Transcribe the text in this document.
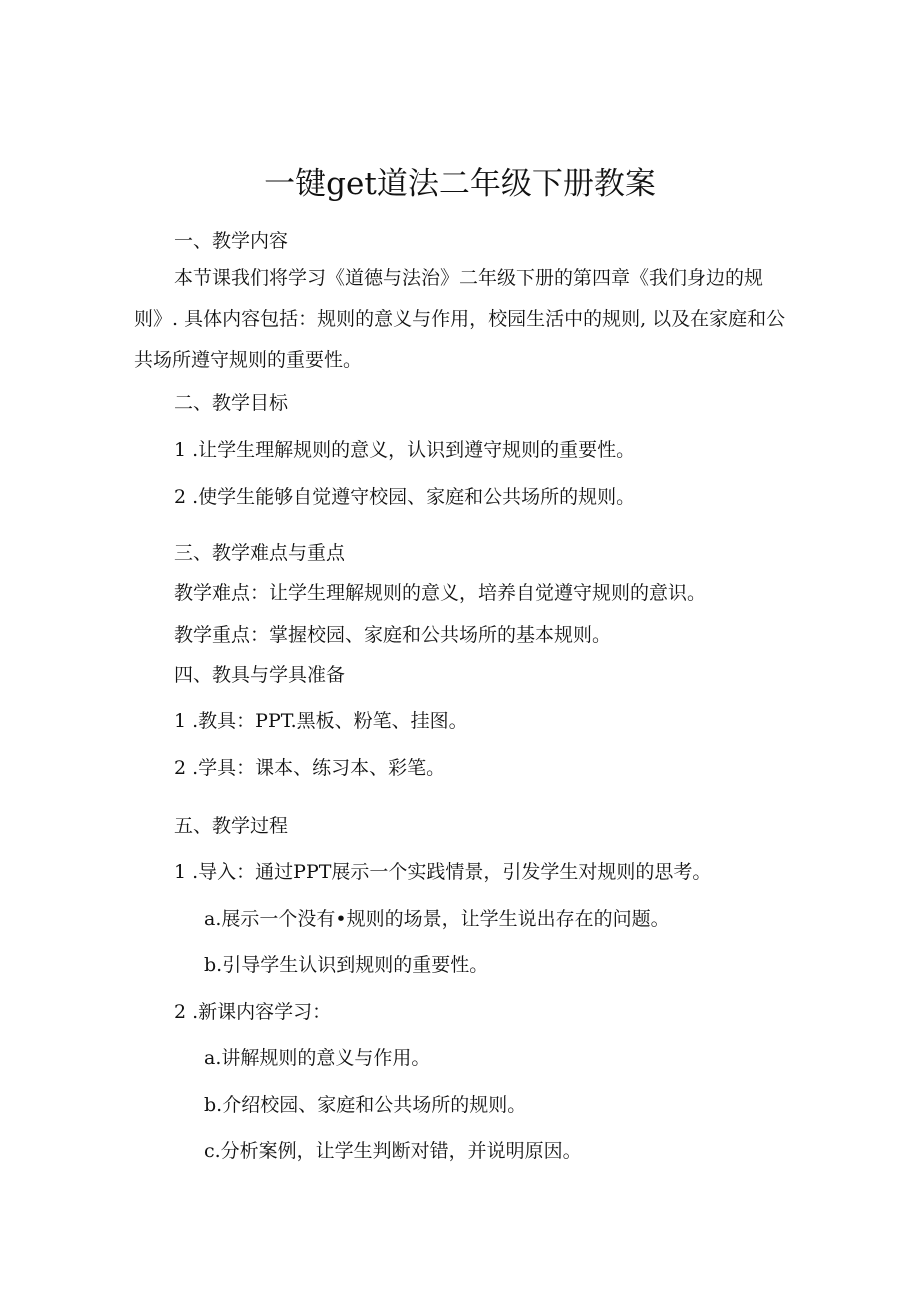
一键get道法二年级下册教案
一、教学内容
本节课我们将学习《道德与法治》二年级下册的第四章《我们身边的规则》. 具体内容包括：规则的意义与作用，校园生活中的规则, 以及在家庭和公共场所遵守规则的重要性。
二、教学目标
1 .让学生理解规则的意义，认识到遵守规则的重要性。
2 .使学生能够自觉遵守校园、家庭和公共场所的规则。
三、教学难点与重点
教学难点：让学生理解规则的意义，培养自觉遵守规则的意识。
教学重点：掌握校园、家庭和公共场所的基本规则。
四、教具与学具准备
1 .教具：PPT.黑板、粉笔、挂图。
2 .学具：课本、练习本、彩笔。
五、教学过程
1 .导入：通过PPT展示一个实践情景，引发学生对规则的思考。
a.展示一个没有•规则的场景，让学生说出存在的问题。
b.引导学生认识到规则的重要性。
2 .新课内容学习：
a.讲解规则的意义与作用。
b.介绍校园、家庭和公共场所的规则。
c.分析案例，让学生判断对错，并说明原因。
